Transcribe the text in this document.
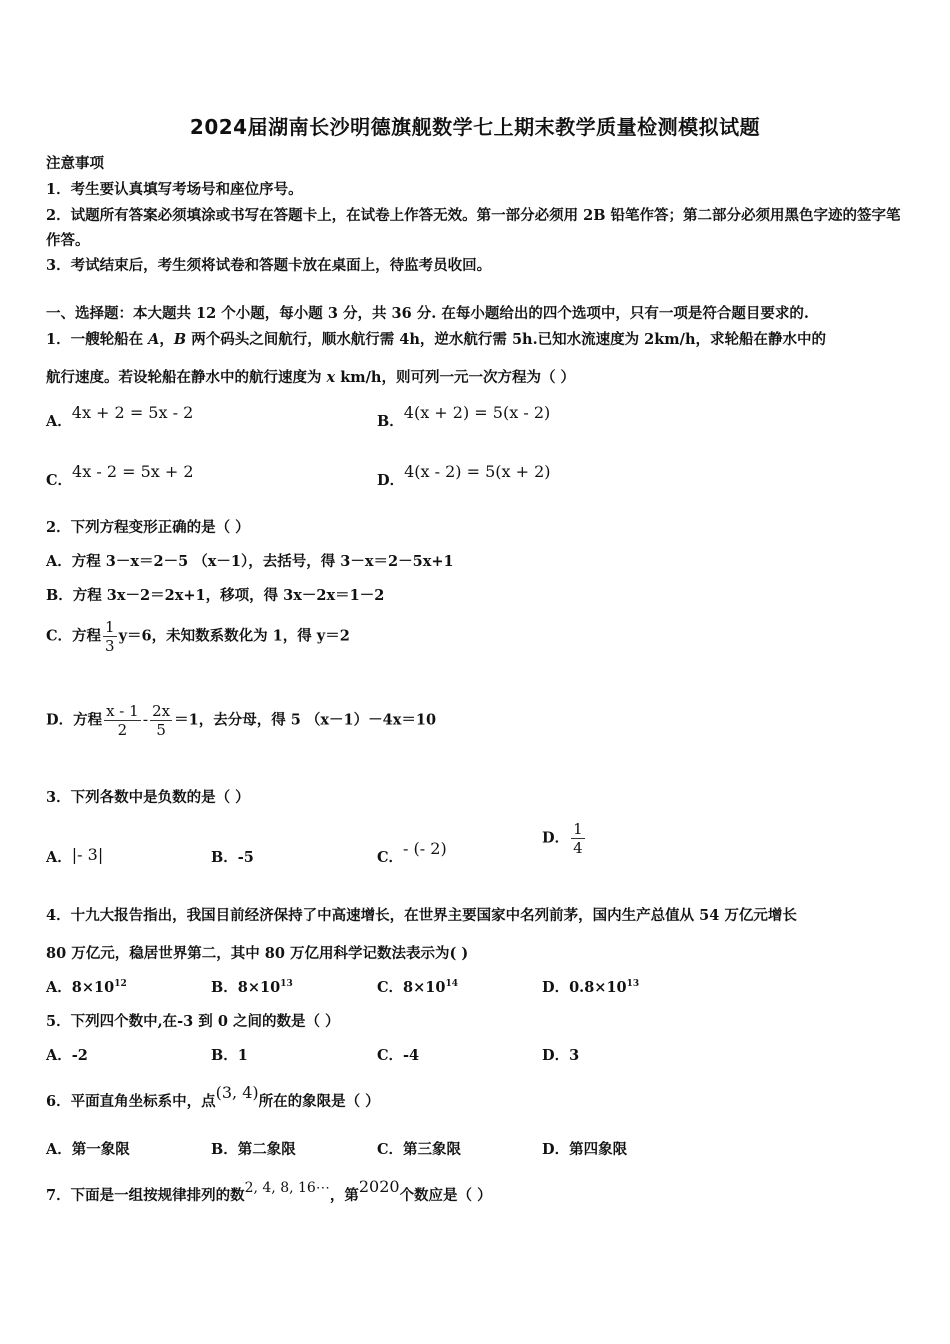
2024届湖南长沙明德旗舰数学七上期末教学质量检测模拟试题
注意事项
1．考生要认真填写考场号和座位序号。
2．试题所有答案必须填涂或书写在答题卡上，在试卷上作答无效。第一部分必须用 2B 铅笔作答；第二部分必须用黑色字迹的签字笔作答。
3．考试结束后，考生须将试卷和答题卡放在桌面上，待监考员收回。
一、选择题：本大题共 12 个小题，每小题 3 分，共 36 分. 在每小题给出的四个选项中，只有一项是符合题目要求的.
1．一艘轮船在 A，B 两个码头之间航行，顺水航行需 4h，逆水航行需 5h.已知水流速度为 2km/h，求轮船在静水中的
航行速度。若设轮船在静水中的航行速度为 x km/h，则可列一元一次方程为（ ）
A．4x + 2 = 5x - 2	B．4(x + 2) = 5(x - 2)
C．4x - 2 = 5x + 2	D．4(x - 2) = 5(x + 2)
2．下列方程变形正确的是（ ）
A．方程 3－x＝2－5 （x－1），去括号，得 3－x＝2－5x+1
B．方程 3x－2＝2x+1，移项，得 3x－2x＝1－2
C．方程 $\frac{1}{3} y=6$，未知数系数化为 1，得 y＝2
D．方程 $\frac{x - 1}{2} - \frac{2x}{5} =1$，去分母，得 5 （x－1）－4x＝10
3．下列各数中是负数的是（ ）
A．|- 3|	B．-5	C．- (- 2)
D． $\frac{1}{4}$
4．十九大报告指出，我国目前经济保持了中高速增长，在世界主要国家中名列前茅，国内生产总值从 54 万亿元增长
80 万亿元，稳居世界第二，其中 80 万亿用科学记数法表示为( )
A．$8\times 10^{12}$	B．$8\times 10^{13}$	C．$8\times 10^{14}$	D．$0.8\times 10^{13}$
5．下列四个数中,在-3 到 0 之间的数是（ ）
A．-2	B．1	C．-4	D．3
6．平面直角坐标系中，点(3, 4)所在的象限是（ ）
A．第一象限	B．第二象限	C．第三象限	D．第四象限
7．下面是一组按规律排列的数2, 4, 8, 16⋯，第2020个数应是（ ）
